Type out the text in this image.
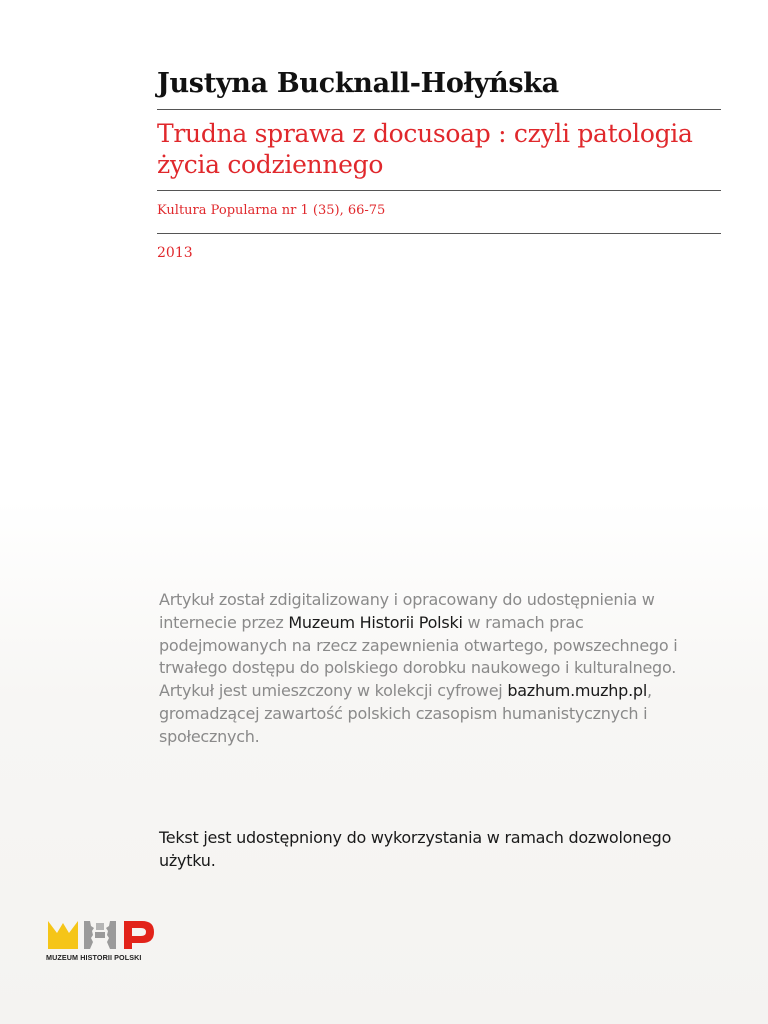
Justyna Bucknall-Hołyńska
Trudna sprawa z docusoap : czyli patologia życia codziennego
Kultura Popularna nr 1 (35), 66-75
2013

Artykuł został zdigitalizowany i opracowany do udostępnienia w internecie przez Muzeum Historii Polski w ramach prac podejmowanych na rzecz zapewnienia otwartego, powszechnego i trwałego dostępu do polskiego dorobku naukowego i kulturalnego. Artykuł jest umieszczony w kolekcji cyfrowej bazhum.muzhp.pl, gromadzącej zawartość polskich czasopism humanistycznych i społecznych.

Tekst jest udostępniony do wykorzystania w ramach dozwolonego użytku.

MUZEUM HISTORII POLSKI
